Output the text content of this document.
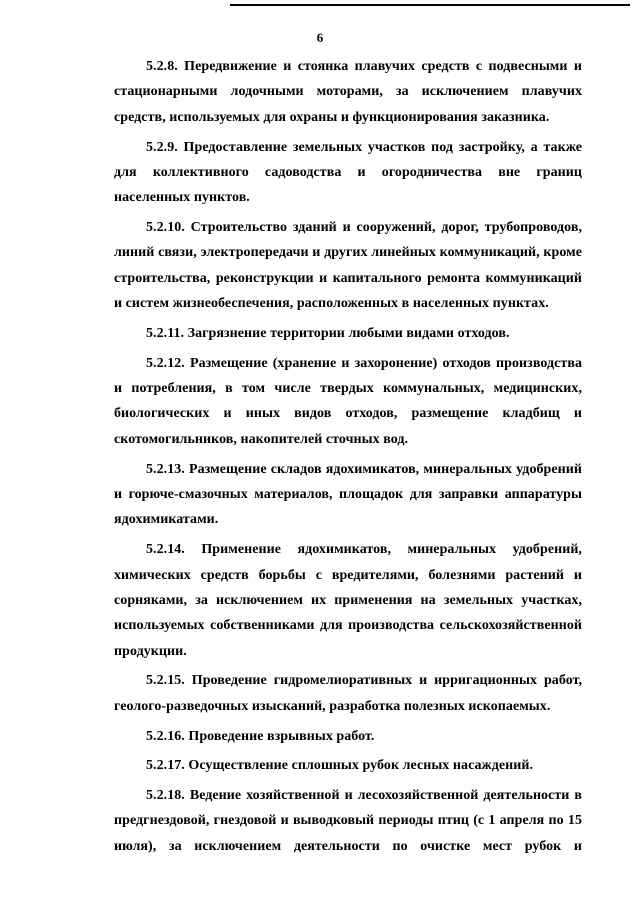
6

5.2.8. Передвижение и стоянка плавучих средств с подвесными и стационарными лодочными моторами, за исключением плавучих средств, используемых для охраны и функционирования заказника.

5.2.9. Предоставление земельных участков под застройку, а также для коллективного садоводства и огородничества вне границ населенных пунктов.

5.2.10. Строительство зданий и сооружений, дорог, трубопроводов, линий связи, электропередачи и других линейных коммуникаций, кроме строительства, реконструкции и капитального ремонта коммуникаций и систем жизнеобеспечения, расположенных в населенных пунктах.

5.2.11. Загрязнение территории любыми видами отходов.

5.2.12. Размещение (хранение и захоронение) отходов производства и потребления, в том числе твердых коммунальных, медицинских, биологических и иных видов отходов, размещение кладбищ и скотомогильников, накопителей сточных вод.

5.2.13. Размещение складов ядохимикатов, минеральных удобрений и горюче-смазочных материалов, площадок для заправки аппаратуры ядохимикатами.

5.2.14. Применение ядохимикатов, минеральных удобрений, химических средств борьбы с вредителями, болезнями растений и сорняками, за исключением их применения на земельных участках, используемых собственниками для производства сельскохозяйственной продукции.

5.2.15. Проведение гидромелиоративных и ирригационных работ, геолого-разведочных изысканий, разработка полезных ископаемых.

5.2.16. Проведение взрывных работ.

5.2.17. Осуществление сплошных рубок лесных насаждений.

5.2.18. Ведение хозяйственной и лесохозяйственной деятельности в предгнездовой, гнездовой и выводковый периоды птиц (с 1 апреля по 15 июля), за исключением деятельности по очистке мест рубок и
